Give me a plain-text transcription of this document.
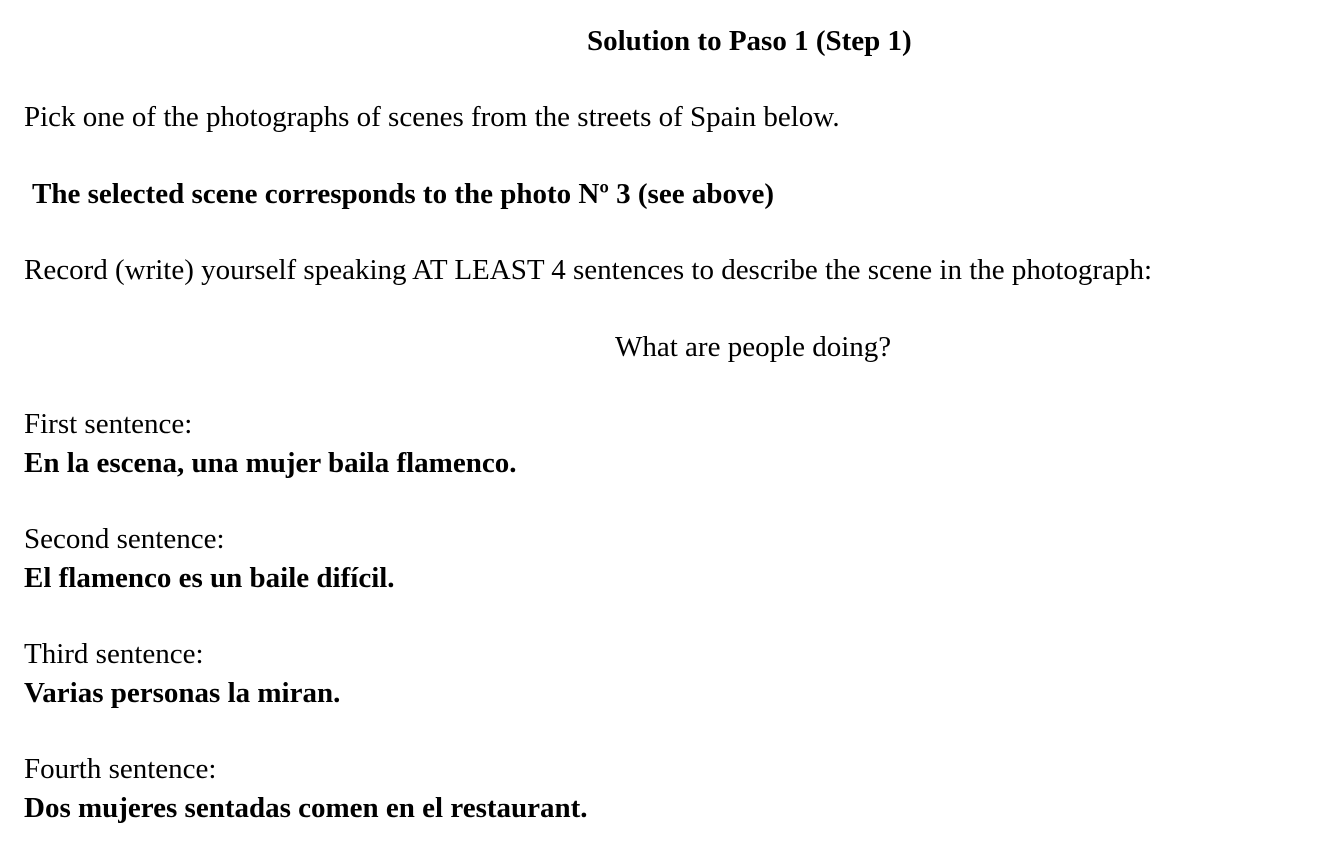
Solution to Paso 1 (Step 1)
Pick one of the photographs of scenes from the streets of Spain below.
The selected scene corresponds to the photo Nº 3 (see above)
Record (write) yourself speaking AT LEAST 4 sentences to describe the scene in the photograph:
What are people doing?
First sentence:
En la escena, una mujer baila flamenco.
Second sentence:
El flamenco es un baile difícil.
Third sentence:
Varias personas la miran.
Fourth sentence:
Dos mujeres sentadas comen en el restaurant.
